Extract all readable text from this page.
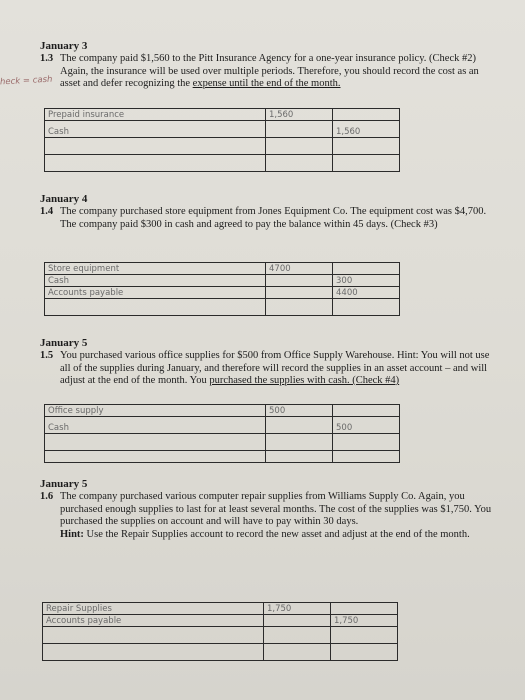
heck = cash
January 3
1.3 The company paid $1,560 to the Pitt Insurance Agency for a one-year insurance policy. (Check #2) Again, the insurance will be used over multiple periods. Therefore, you should record the cost as an asset and defer recognizing the expense until the end of the month.
Prepaid insurance	1,560	
Cash		1,560

January 4
1.4 The company purchased store equipment from Jones Equipment Co. The equipment cost was $4,700. The company paid $300 in cash and agreed to pay the balance within 45 days. (Check #3)
Store equipment	4700	
Cash		300
Accounts payable		4400

January 5
1.5 You purchased various office supplies for $500 from Office Supply Warehouse. Hint: You will not use all of the supplies during January, and therefore will record the supplies in an asset account – and will adjust at the end of the month. You purchased the supplies with cash. (Check #4)
Office supply	500	
Cash		500

January 5
1.6 The company purchased various computer repair supplies from Williams Supply Co. Again, you purchased enough supplies to last for at least several months. The cost of the supplies was $1,750. You purchased the supplies on account and will have to pay within 30 days.
Hint: Use the Repair Supplies account to record the new asset and adjust at the end of the month.
Repair Supplies	1,750	
Accounts payable		1,750
